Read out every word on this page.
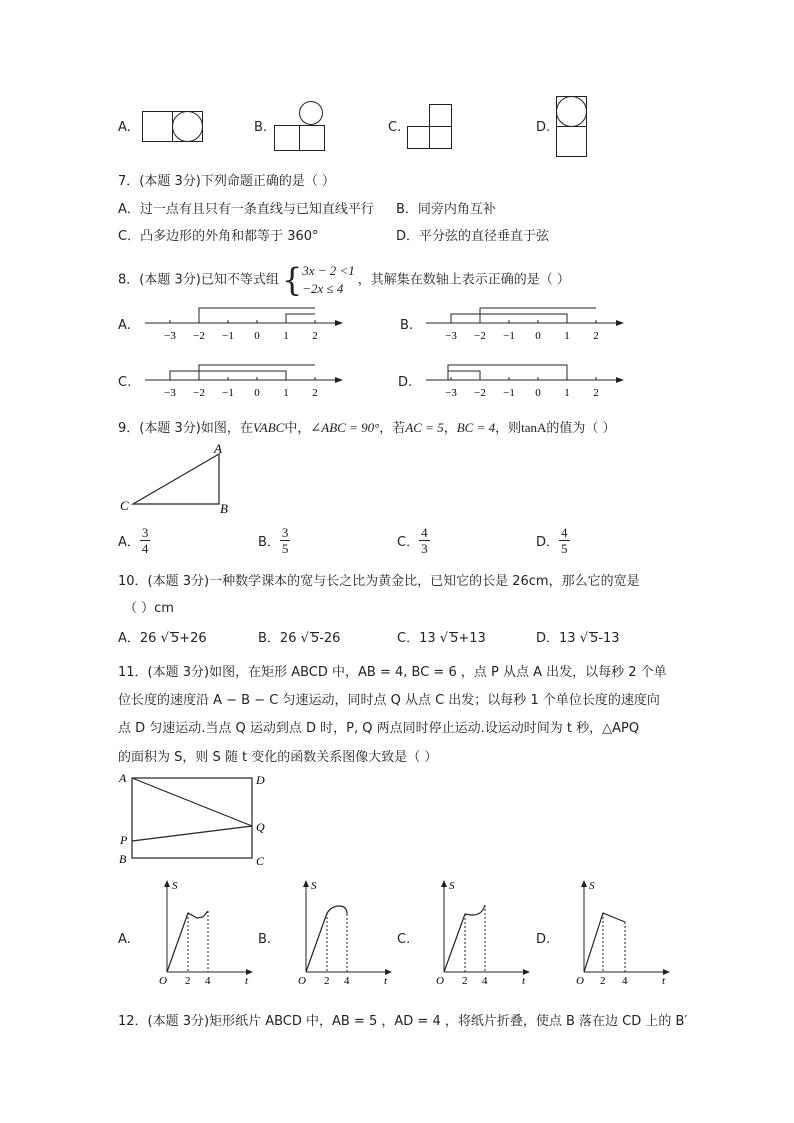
A.	B.	C.	D.
7．(本题 3分)下列命题正确的是（ ）
A．过一点有且只有一条直线与已知直线平行 B．同旁内角互补
C．凸多边形的外角和都等于 360°	D．平分弦的直径垂直于弦
8．(本题 3分)已知不等式组{ 3x − 2 <1
−2x ≤ 4
，其解集在数轴上表示正确的是（ ）
A.
−3 −2 −1 0 1 2
B.
−3 −2 −1 0 1 2
C.
−3 −2 −1 0 1 2
D.
−3 −2 −1 0 1 2
9．(本题 3分)如图，在VABC中，∠ABC = 90°，若AC = 5，BC = 4，则tanA的值为（ ）
A
B
C
A． $\frac{3}{4}$	B． $\frac{3}{5}$	C． $\frac{4}{3}$	D． $\frac{4}{5}$
10．(本题 3分)一种数学课本的宽与长之比为黄金比，已知它的长是 26cm，那么它的宽是
（ ）cm
A．26 √ 5+26	B．26 √ 5-26	C．13 √ 5+13	D．13 √ 5-13
11．(本题 3分)如图，在矩形 ABCD 中，AB = 4, BC = 6 ，点 P 从点 A 出发，以每秒 2 个单
位长度的速度沿 A − B − C 匀速运动，同时点 Q 从点 C 出发；以每秒 1 个单位长度的速度向
点 D 匀速运动.当点 Q 运动到点 D 时，P, Q 两点同时停止运动.设运动时间为 t 秒，△APQ
的面积为 S，则 S 随 t 变化的函数关系图像大致是（ ）
A	D
Q
P
B	C
A.
S
t
O 2 4
B.
S
t
O 2 4
C.
S
t
O 2 4
D.
S
t
O 2 4
12．(本题 3分)矩形纸片 ABCD 中，AB = 5 ，AD = 4 ，将纸片折叠，使点 B 落在边 CD 上的 B′
